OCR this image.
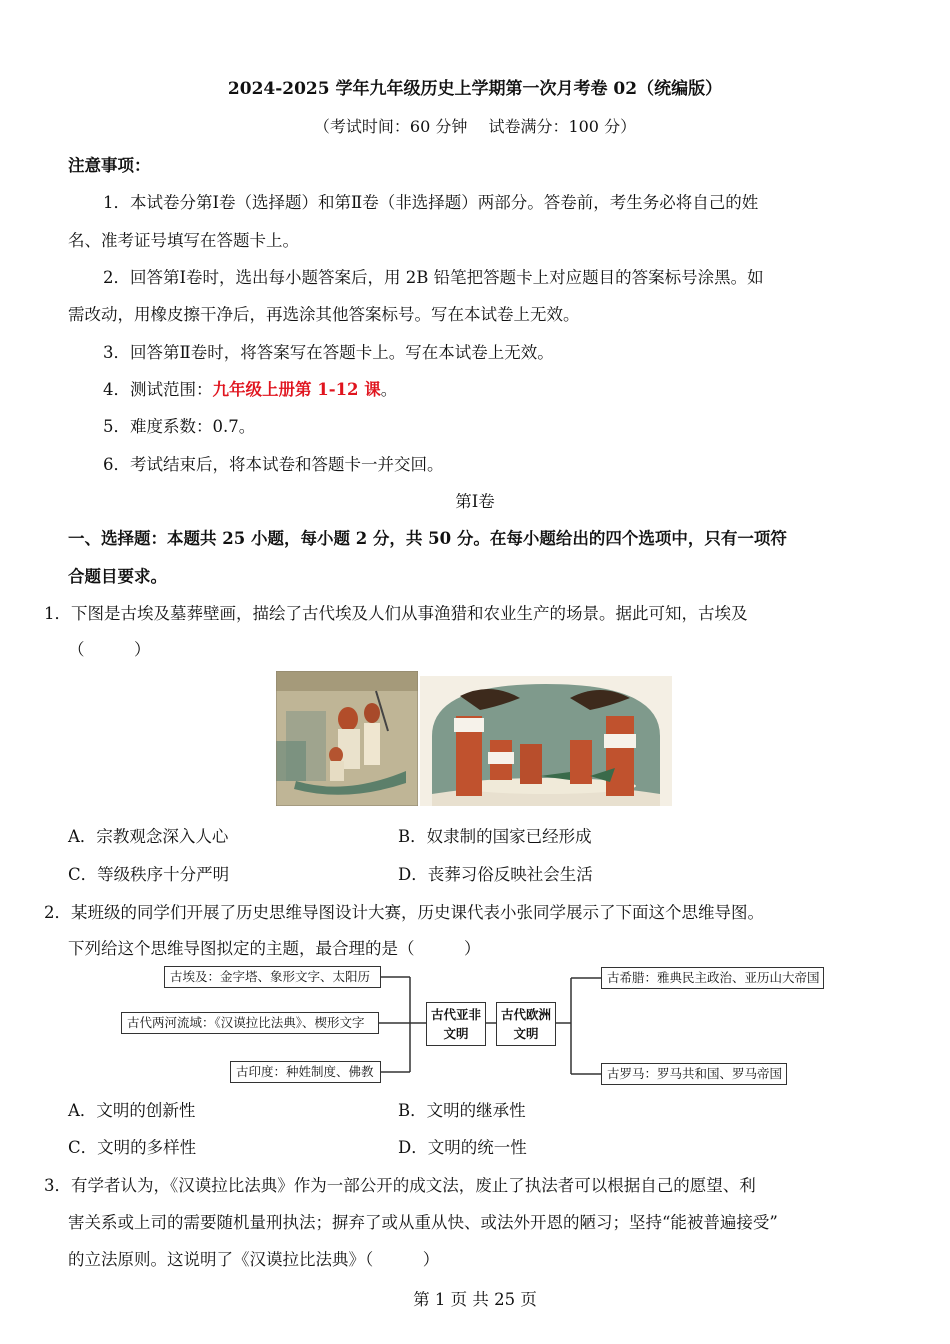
2024-2025 学年九年级历史上学期第一次月考卷 02（统编版）
（考试时间：60 分钟　 试卷满分：100 分）
注意事项：
1．本试卷分第Ⅰ卷（选择题）和第Ⅱ卷（非选择题）两部分。答卷前，考生务必将自己的姓
名、准考证号填写在答题卡上。
2．回答第Ⅰ卷时，选出每小题答案后，用 2B 铅笔把答题卡上对应题目的答案标号涂黑。如
需改动，用橡皮擦干净后，再选涂其他答案标号。写在本试卷上无效。
3．回答第Ⅱ卷时，将答案写在答题卡上。写在本试卷上无效。
4．测试范围：九年级上册第 1-12 课。
5．难度系数：0.7。
6．考试结束后，将本试卷和答题卡一并交回。
第Ⅰ卷
一、选择题：本题共 25 小题，每小题 2 分，共 50 分。在每小题给出的四个选项中，只有一项符
合题目要求。
1．下图是古埃及墓葬壁画，描绘了古代埃及人们从事渔猎和农业生产的场景。据此可知，古埃及
（　　　）
A．宗教观念深入人心	B．奴隶制的国家已经形成
C．等级秩序十分严明	D．丧葬习俗反映社会生活
2．某班级的同学们开展了历史思维导图设计大赛，历史课代表小张同学展示了下面这个思维导图。
下列给这个思维导图拟定的主题，最合理的是（　　　）
古埃及：金字塔、象形文字、太阳历
古代两河流域：《汉谟拉比法典》、楔形文字
古印度：种姓制度、佛教
古代亚非
文明
古代欧洲
文明
古希腊：雅典民主政治、亚历山大帝国
古罗马：罗马共和国、罗马帝国
A．文明的创新性	B．文明的继承性
C．文明的多样性	D．文明的统一性
3．有学者认为，《汉谟拉比法典》作为一部公开的成文法，废止了执法者可以根据自己的愿望、利
害关系或上司的需要随机量刑执法；摒弃了或从重从快、或法外开恩的陋习；坚持“能被普遍接受”
的立法原则。这说明了《汉谟拉比法典》（　　　）
第 1 页 共 25 页
